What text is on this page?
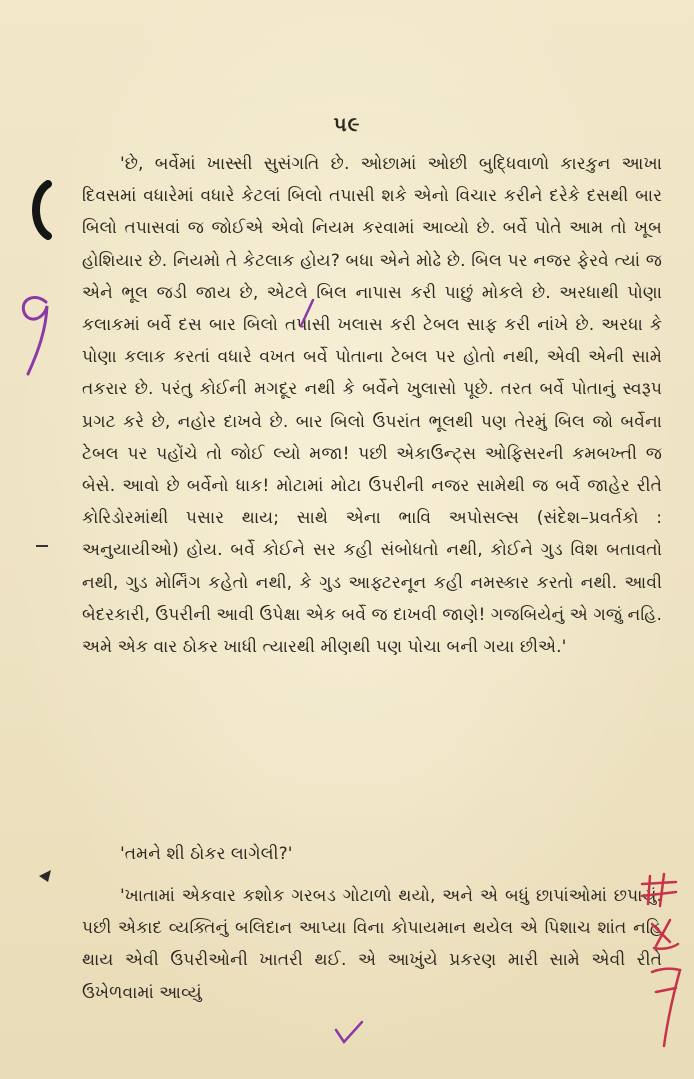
૫૯

'છે, બર્વેમાં ખાસ્સી સુસંગતિ છે. ઓછામાં ઓછી બુદ્ધિવાળો કારકુન આખા દિવસમાં વધારેમાં વધારે કેટલાં બિલો તપાસી શકે એનો વિચાર કરીને દરેકે દસથી બાર બિલો તપાસવાં જ જોઈએ એવો નિયમ કરવામાં આવ્યો છે. બર્વે પોતે આમ તો ખૂબ હોશિયાર છે. નિયમો તે કેટલાક હોય? બધા એને મોઢે છે. બિલ પર નજર ફેરવે ત્યાં જ એને ભૂલ જડી જાય છે, એટલે બિલ નાપાસ કરી પાછું મોકલે છે. અરધાથી પોણા કલાકમાં બર્વે દસ બાર બિલો તપાસી ખલાસ કરી ટેબલ સાફ કરી નાંખે છે. અરધા કે પોણા કલાક કરતાં વધારે વખત બર્વે પોતાના ટેબલ પર હોતો નથી, એવી એની સામે તકરાર છે. પરંતુ કોઈની મગદૂર નથી કે બર્વેને ખુલાસો પૂછે. તરત બર્વે પોતાનું સ્વરૂપ પ્રગટ કરે છે, નહોર દાખવે છે. બાર બિલો ઉપરાંત ભૂલથી પણ તેરમું બિલ જો બર્વેના ટેબલ પર પહોંચે તો જોઈ લ્યો મજા! પછી એકાઉન્ટ્સ ઓફિસરની કમબખ્તી જ બેસે. આવો છે બર્વેનો ધાક! મોટામાં મોટા ઉપરીની નજર સામેથી જ બર્વે જાહેર રીતે કોરિડોરમાંથી પસાર થાય; સાથે એના ભાવિ અપોસલ્સ (સંદેશ–પ્રવર્તકો : અનુયાયીઓ) હોય. બર્વે કોઈને સર કહી સંબોધતો નથી, કોઈને ગુડ વિશ બતાવતો નથી, ગુડ મોર્નિંગ કહેતો નથી, કે ગુડ આફ્ટરનૂન કહી નમસ્કાર કરતો નથી. આવી બેદરકારી, ઉપરીની આવી ઉપેક્ષા એક બર્વે જ દાખવી જાણે! ગજબિયેનું એ ગજું નહિ. અમે એક વાર ઠોકર ખાધી ત્યારથી મીણથી પણ પોચા બની ગયા છીએ.'

'તમને શી ઠોકર લાગેલી?'
'ખાતામાં એકવાર કશોક ગરબડ ગોટાળો થયો, અને એ બધું છાપાંઓમાં છપાયું. પછી એકાદ વ્યક્તિનું બલિદાન આપ્યા વિના કોપાયમાન થયેલ એ પિશાચ શાંત નહિ થાય એવી ઉપરીઓની ખાતરી થઈ. એ આખુંયે પ્રકરણ મારી સામે એવી રીતે ઉખેળવામાં આવ્યું
